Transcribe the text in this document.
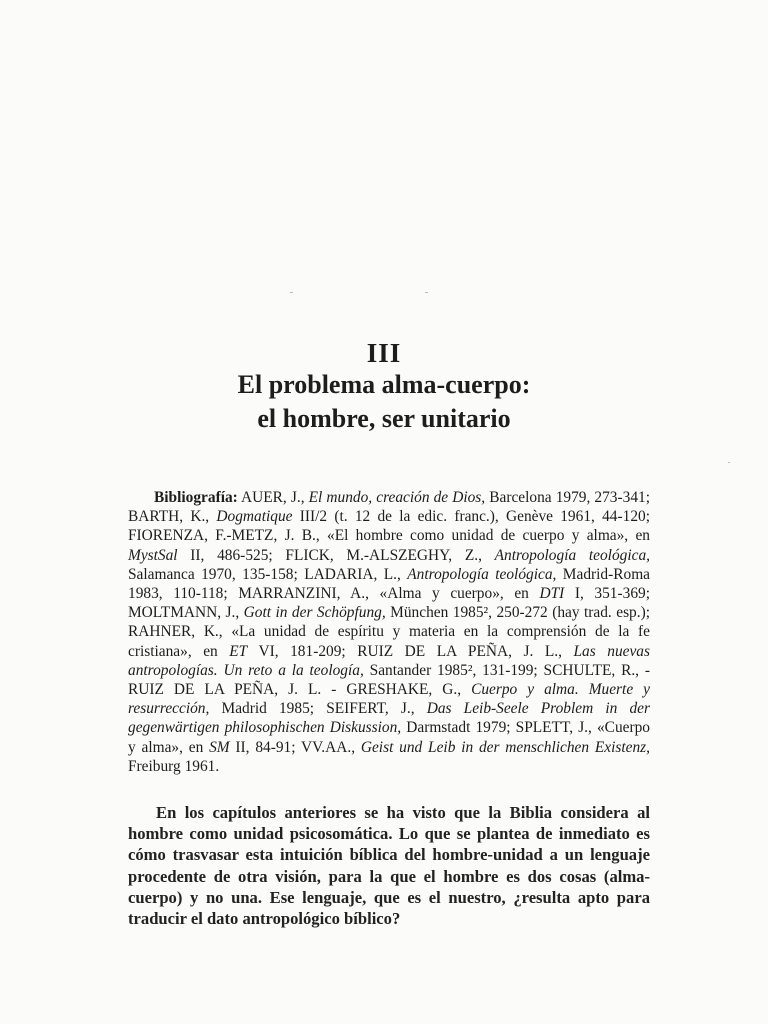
III
El problema alma-cuerpo:
el hombre, ser unitario
Bibliografía: AUER, J., El mundo, creación de Dios, Barcelona 1979, 273-341; BARTH, K., Dogmatique III/2 (t. 12 de la edic. franc.), Genève 1961, 44-120; FIORENZA, F.-METZ, J. B., «El hombre como unidad de cuerpo y alma», en MystSal II, 486-525; FLICK, M.-ALSZEGHY, Z., Antropología teológica, Salamanca 1970, 135-158; LADARIA, L., Antropología teológica, Madrid-Roma 1983, 110-118; MARRANZINI, A., «Alma y cuerpo», en DTI I, 351-369; MOLTMANN, J., Gott in der Schöpfung, München 1985², 250-272 (hay trad. esp.); RAHNER, K., «La unidad de espíritu y materia en la comprensión de la fe cristiana», en ET VI, 181-209; RUIZ DE LA PEÑA, J. L., Las nuevas antropologías. Un reto a la teología, Santander 1985², 131-199; SCHULTE, R., - RUIZ DE LA PEÑA, J. L. - GRESHAKE, G., Cuerpo y alma. Muerte y resurrección, Madrid 1985; SEIFERT, J., Das Leib-Seele Problem in der gegenwärtigen philosophischen Diskussion, Darmstadt 1979; SPLETT, J., «Cuerpo y alma», en SM II, 84-91; VV.AA., Geist und Leib in der menschlichen Existenz, Freiburg 1961.
En los capítulos anteriores se ha visto que la Biblia considera al hombre como unidad psicosomática. Lo que se plantea de inmediato es cómo trasvasar esta intuición bíblica del hombre-unidad a un lenguaje procedente de otra visión, para la que el hombre es dos cosas (alma-cuerpo) y no una. Ese lenguaje, que es el nuestro, ¿resulta apto para traducir el dato antropológico bíblico?
